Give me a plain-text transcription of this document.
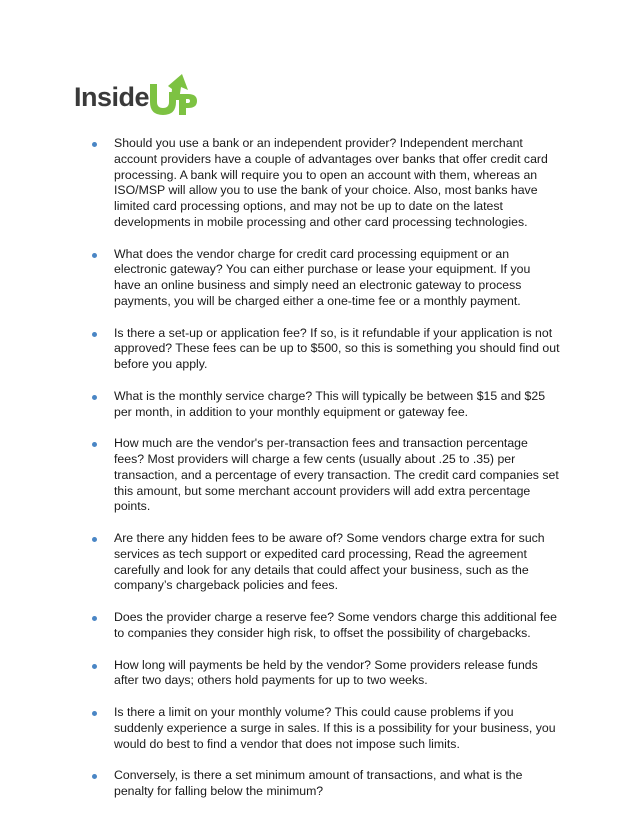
Inside
Should you use a bank or an independent provider? Independent merchant account providers have a couple of advantages over banks that offer credit card processing. A bank will require you to open an account with them, whereas an ISO/MSP will allow you to use the bank of your choice. Also, most banks have limited card processing options, and may not be up to date on the latest developments in mobile processing and other card processing technologies.
What does the vendor charge for credit card processing equipment or an electronic gateway? You can either purchase or lease your equipment. If you have an online business and simply need an electronic gateway to process payments, you will be charged either a one-time fee or a monthly payment.
Is there a set-up or application fee? If so, is it refundable if your application is not approved? These fees can be up to $500, so this is something you should find out before you apply.
What is the monthly service charge? This will typically be between $15 and $25 per month, in addition to your monthly equipment or gateway fee.
How much are the vendor's per-transaction fees and transaction percentage fees? Most providers will charge a few cents (usually about .25 to .35) per transaction, and a percentage of every transaction. The credit card companies set this amount, but some merchant account providers will add extra percentage points.
Are there any hidden fees to be aware of? Some vendors charge extra for such services as tech support or expedited card processing, Read the agreement carefully and look for any details that could affect your business, such as the company’s chargeback policies and fees.
Does the provider charge a reserve fee? Some vendors charge this additional fee to companies they consider high risk, to offset the possibility of chargebacks.
How long will payments be held by the vendor? Some providers release funds after two days; others hold payments for up to two weeks.
Is there a limit on your monthly volume? This could cause problems if you suddenly experience a surge in sales. If this is a possibility for your business, you would do best to find a vendor that does not impose such limits.
Conversely, is there a set minimum amount of transactions, and what is the penalty for falling below the minimum?
